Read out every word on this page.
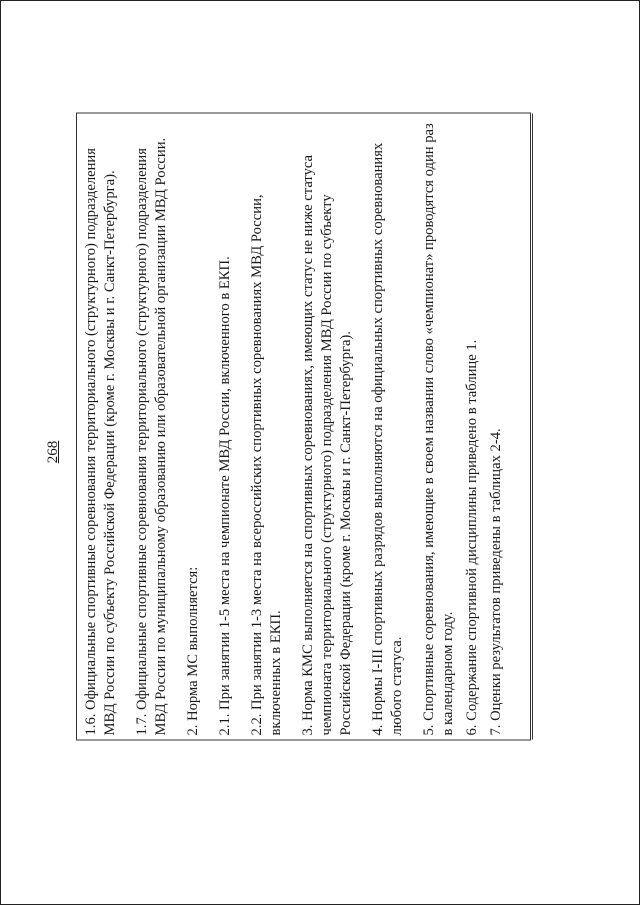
268 1.6. Официальные спортивные соревнования территориального (структурного) подразделения МВД России по субъекту Российской Федерации (кроме г. Москвы и г. Санкт-Петербурга). 1.7. Официальные спортивные соревнования территориального (структурного) подразделения МВД России по муниципальному образованию или образовательной организации МВД России. 2. Норма МС выполняется: 2.1. При занятии 1-5 места на чемпионате МВД России, включенного в ЕКП. 2.2. При занятии 1-3 места на всероссийских спортивных соревнованиях МВД России, включенных в ЕКП. 3. Норма КМС выполняется на спортивных соревнованиях, имеющих статус не ниже статуса чемпионата территориального (структурного) подразделения МВД России по субъекту Российской Федерации (кроме г. Москвы и г. Санкт-Петербурга). 4. Нормы I-III спортивных разрядов выполняются на официальных спортивных соревнованиях любого статуса. 5. Спортивные соревнования, имеющие в своем названии слово «чемпионат» проводятся один раз в календарном году. 6. Содержание спортивной дисциплины приведено в таблице 1. 7. Оценки результатов приведены в таблицах 2-4.
